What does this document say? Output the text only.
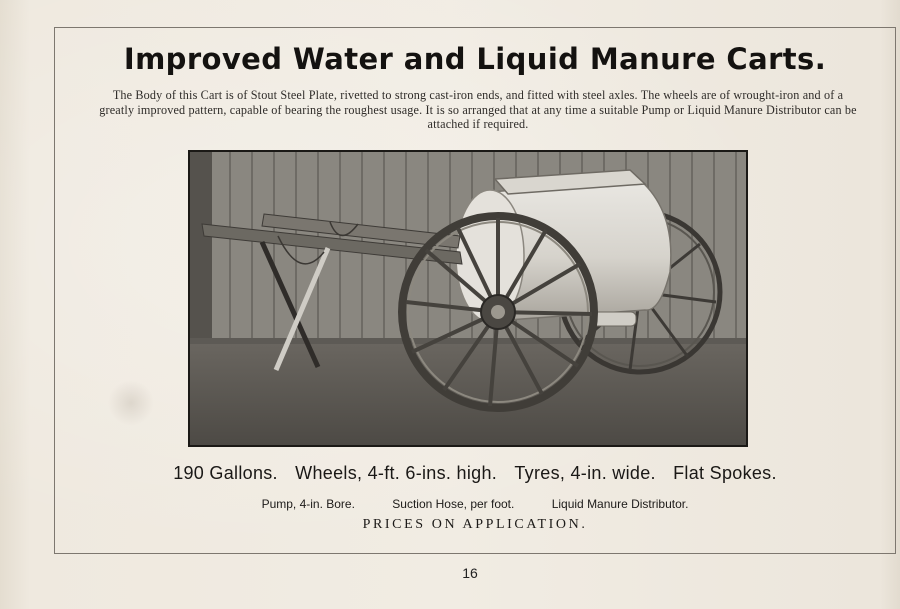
Improved Water and Liquid Manure Carts.

The Body of this Cart is of Stout Steel Plate, rivetted to strong cast-iron ends, and fitted with steel axles. The wheels are of wrought-iron and of a greatly improved pattern, capable of bearing the roughest usage. It is so arranged that at any time a suitable Pump or Liquid Manure Distributor can be attached if required.

190 Gallons. Wheels, 4-ft. 6-ins. high. Tyres, 4-in. wide. Flat Spokes.
Pump, 4-in. Bore.	Suction Hose, per foot.	Liquid Manure Distributor.
PRICES ON APPLICATION.
16
